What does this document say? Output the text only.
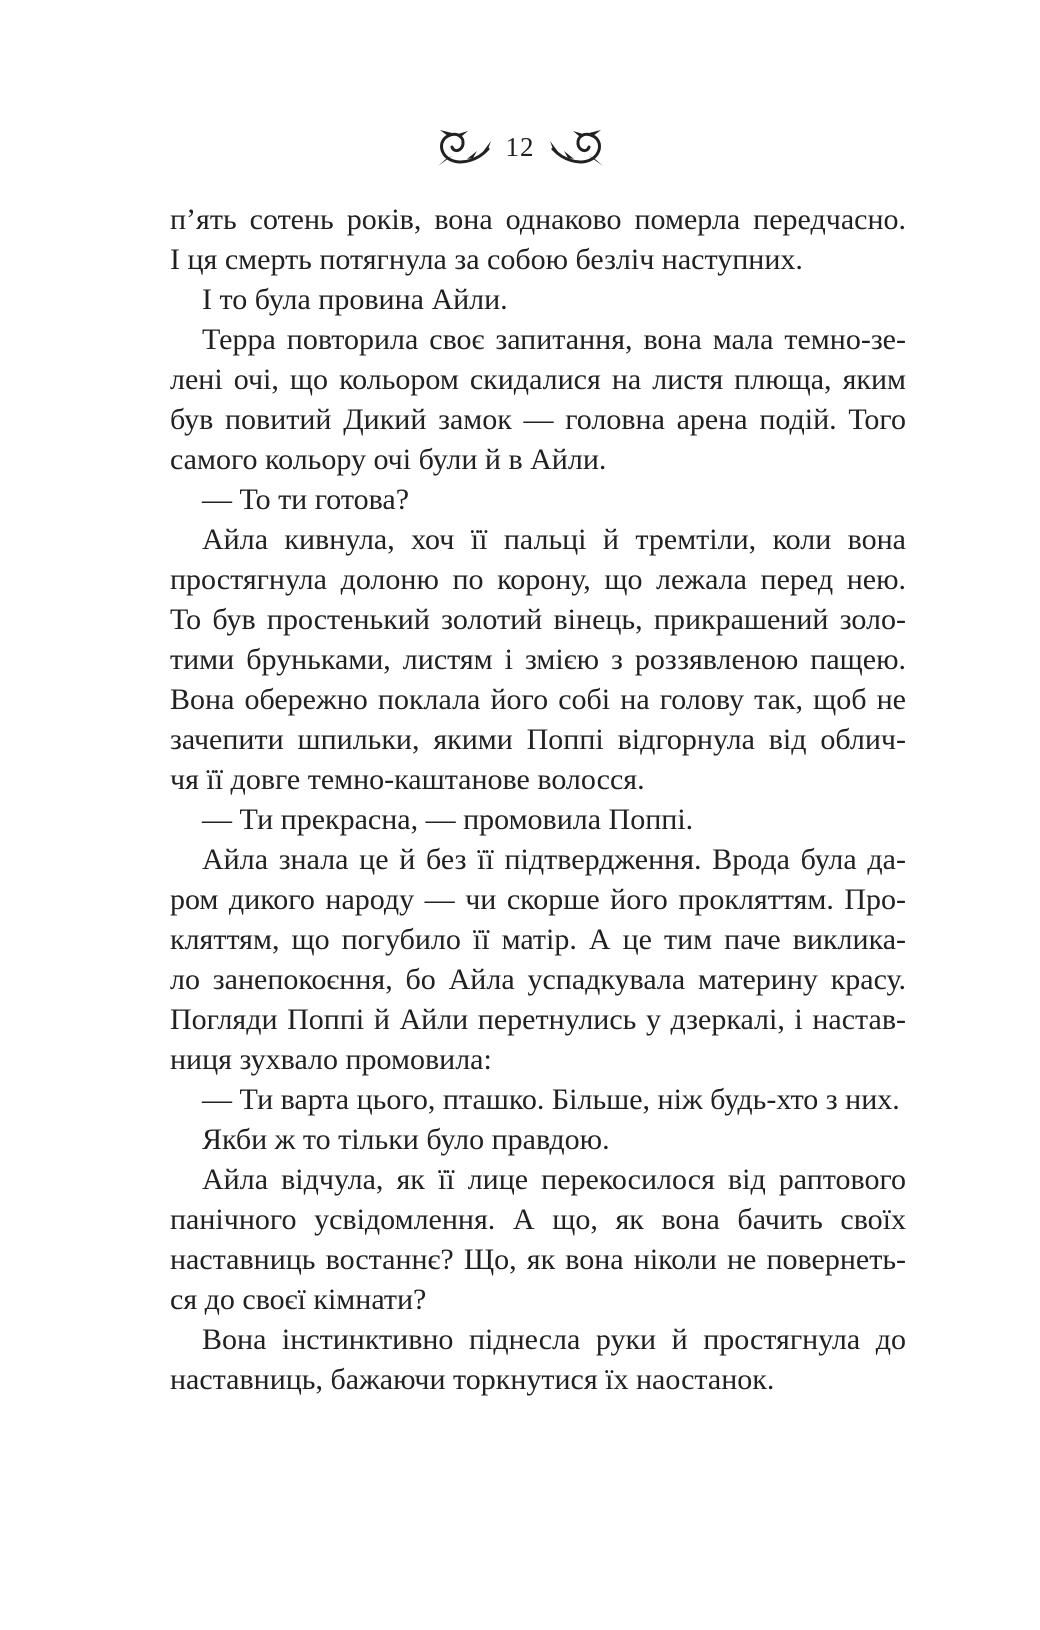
12
п’ять сотень років, вона однаково померла передчасно.
І ця смерть потягнула за собою безліч наступних.
І то була провина Айли.
Терра повторила своє запитання, вона мала темно-зе-
лені очі, що кольором скидалися на листя плюща, яким
був повитий Дикий замок — головна арена подій. Того
самого кольору очі були й в Айли.
— То ти готова?
Айла кивнула, хоч її пальці й тремтіли, коли вона
простягнула долоню по корону, що лежала перед нею.
То був простенький золотий вінець, прикрашений золо-
тими бруньками, листям і змією з роззявленою пащею.
Вона обережно поклала його собі на голову так, щоб не
зачепити шпильки, якими Поппі відгорнула від облич-
чя її довге темно-каштанове волосся.
— Ти прекрасна, — промовила Поппі.
Айла знала це й без її підтвердження. Врода була да-
ром дикого народу — чи скорше його прокляттям. Про-
кляттям, що погубило її матір. А це тим паче виклика-
ло занепокоєння, бо Айла успадкувала материну красу.
Погляди Поппі й Айли перетнулись у дзеркалі, і настав-
ниця зухвало промовила:
— Ти варта цього, пташко. Більше, ніж будь-хто з них.
Якби ж то тільки було правдою.
Айла відчула, як її лице перекосилося від раптового
панічного усвідомлення. А що, як вона бачить своїх
наставниць востаннє? Що, як вона ніколи не повернеть-
ся до своєї кімнати?
Вона інстинктивно піднесла руки й простягнула до
наставниць, бажаючи торкнутися їх наостанок.
